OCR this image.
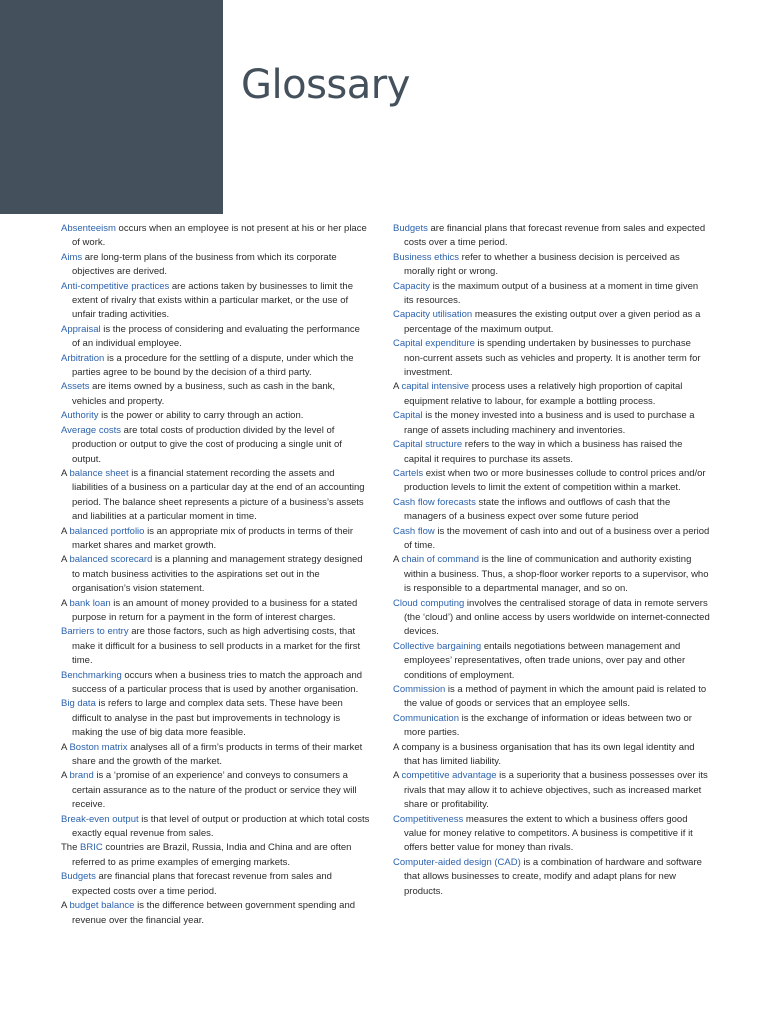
Glossary

Absenteeism occurs when an employee is not present at his or her place of work.

Aims are long-term plans of the business from which its corporate objectives are derived.

Anti-competitive practices are actions taken by businesses to limit the extent of rivalry that exists within a particular market, or the use of unfair trading activities.

Appraisal is the process of considering and evaluating the performance of an individual employee.

Arbitration is a procedure for the settling of a dispute, under which the parties agree to be bound by the decision of a third party.

Assets are items owned by a business, such as cash in the bank, vehicles and property.

Authority is the power or ability to carry through an action.

Average costs are total costs of production divided by the level of production or output to give the cost of producing a single unit of output.

A balance sheet is a financial statement recording the assets and liabilities of a business on a particular day at the end of an accounting period. The balance sheet represents a picture of a business’s assets and liabilities at a particular moment in time.

A balanced portfolio is an appropriate mix of products in terms of their market shares and market growth.

A balanced scorecard is a planning and management strategy designed to match business activities to the aspirations set out in the organisation’s vision statement.

A bank loan is an amount of money provided to a business for a stated purpose in return for a payment in the form of interest charges.

Barriers to entry are those factors, such as high advertising costs, that make it difficult for a business to sell products in a market for the first time.

Benchmarking occurs when a business tries to match the approach and success of a particular process that is used by another organisation.

Big data is refers to large and complex data sets. These have been difficult to analyse in the past but improvements in technology is making the use of big data more feasible.

A Boston matrix analyses all of a firm’s products in terms of their market share and the growth of the market.

A brand is a ‘promise of an experience’ and conveys to consumers a certain assurance as to the nature of the product or service they will receive.

Break-even output is that level of output or production at which total costs exactly equal revenue from sales.

The BRIC countries are Brazil, Russia, India and China and are often referred to as prime examples of emerging markets.

Budgets are financial plans that forecast revenue from sales and expected costs over a time period.

A budget balance is the difference between government spending and revenue over the financial year.

Budgets are financial plans that forecast revenue from sales and expected costs over a time period.

Business ethics refer to whether a business decision is perceived as morally right or wrong.

Capacity is the maximum output of a business at a moment in time given its resources.

Capacity utilisation measures the existing output over a given period as a percentage of the maximum output.

Capital expenditure is spending undertaken by businesses to purchase non-current assets such as vehicles and property. It is another term for investment.

A capital intensive process uses a relatively high proportion of capital equipment relative to labour, for example a bottling process.

Capital is the money invested into a business and is used to purchase a range of assets including machinery and inventories.

Capital structure refers to the way in which a business has raised the capital it requires to purchase its assets.

Cartels exist when two or more businesses collude to control prices and/or production levels to limit the extent of competition within a market.

Cash flow forecasts state the inflows and outflows of cash that the managers of a business expect over some future period

Cash flow is the movement of cash into and out of a business over a period of time.

A chain of command is the line of communication and authority existing within a business. Thus, a shop-floor worker reports to a supervisor, who is responsible to a departmental manager, and so on.

Cloud computing involves the centralised storage of data in remote servers (the ‘cloud’) and online access by users worldwide on internet-connected devices.

Collective bargaining entails negotiations between management and employees’ representatives, often trade unions, over pay and other conditions of employment.

Commission is a method of payment in which the amount paid is related to the value of goods or services that an employee sells.

Communication is the exchange of information or ideas between two or more parties.

A company is a business organisation that has its own legal identity and that has limited liability.

A competitive advantage is a superiority that a business possesses over its rivals that may allow it to achieve objectives, such as increased market share or profitability.

Competitiveness measures the extent to which a business offers good value for money relative to competitors. A business is competitive if it offers better value for money than rivals.

Computer-aided design (CAD) is a combination of hardware and software that allows businesses to create, modify and adapt plans for new products.
